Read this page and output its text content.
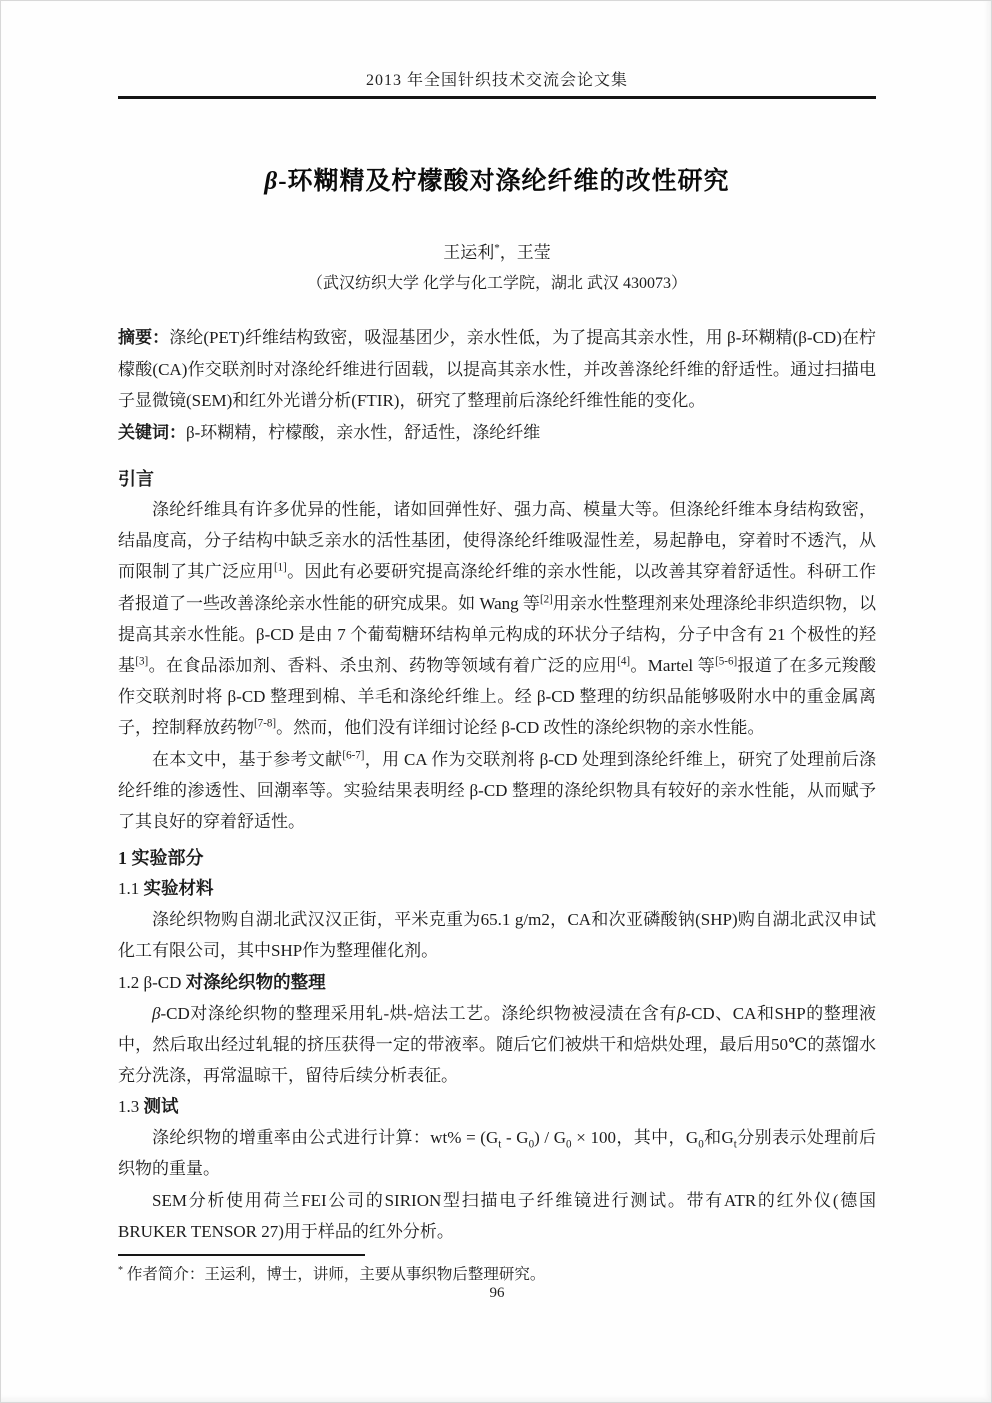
2013 年全国针织技术交流会论文集
β-环糊精及柠檬酸对涤纶纤维的改性研究
王运利*，王莹
（武汉纺织大学 化学与化工学院，湖北 武汉 430073）
摘要：涤纶(PET)纤维结构致密，吸湿基团少，亲水性低，为了提高其亲水性，用 β-环糊精(β-CD)在柠檬酸(CA)作交联剂时对涤纶纤维进行固载，以提高其亲水性，并改善涤纶纤维的舒适性。通过扫描电子显微镜(SEM)和红外光谱分析(FTIR)，研究了整理前后涤纶纤维性能的变化。
关键词：β-环糊精，柠檬酸，亲水性，舒适性，涤纶纤维
引言
涤纶纤维具有许多优异的性能，诸如回弹性好、强力高、模量大等。但涤纶纤维本身结构致密，结晶度高，分子结构中缺乏亲水的活性基团，使得涤纶纤维吸湿性差，易起静电，穿着时不透汽，从而限制了其广泛应用[1]。因此有必要研究提高涤纶纤维的亲水性能，以改善其穿着舒适性。科研工作者报道了一些改善涤纶亲水性能的研究成果。如 Wang 等[2]用亲水性整理剂来处理涤纶非织造织物，以提高其亲水性能。β-CD 是由 7 个葡萄糖环结构单元构成的环状分子结构，分子中含有 21 个极性的羟基[3]。在食品添加剂、香料、杀虫剂、药物等领域有着广泛的应用[4]。Martel 等[5-6]报道了在多元羧酸作交联剂时将 β-CD 整理到棉、羊毛和涤纶纤维上。经 β-CD 整理的纺织品能够吸附水中的重金属离子，控制释放药物[7-8]。然而，他们没有详细讨论经 β-CD 改性的涤纶织物的亲水性能。
在本文中，基于参考文献[6-7]，用 CA 作为交联剂将 β-CD 处理到涤纶纤维上，研究了处理前后涤纶纤维的渗透性、回潮率等。实验结果表明经 β-CD 整理的涤纶织物具有较好的亲水性能，从而赋予了其良好的穿着舒适性。
1 实验部分
1.1 实验材料
涤纶织物购自湖北武汉汉正街，平米克重为65.1 g/m2，CA和次亚磷酸钠(SHP)购自湖北武汉申试化工有限公司，其中SHP作为整理催化剂。
1.2 β-CD 对涤纶织物的整理
β-CD对涤纶织物的整理采用轧-烘-焙法工艺。涤纶织物被浸渍在含有β-CD、CA和SHP的整理液中，然后取出经过轧辊的挤压获得一定的带液率。随后它们被烘干和焙烘处理，最后用50℃的蒸馏水充分洗涤，再常温晾干，留待后续分析表征。
1.3 测试
涤纶织物的增重率由公式进行计算：$wt\% = (G_t - G_0) / G_0 \times 100$，其中，$G_0$和$G_t$分别表示处理前后织物的重量。
SEM分析使用荷兰FEI公司的SIRION型扫描电子纤维镜进行测试。带有ATR的红外仪(德国 BRUKER TENSOR 27)用于样品的红外分析。
* 作者简介：王运利，博士，讲师，主要从事织物后整理研究。
96
